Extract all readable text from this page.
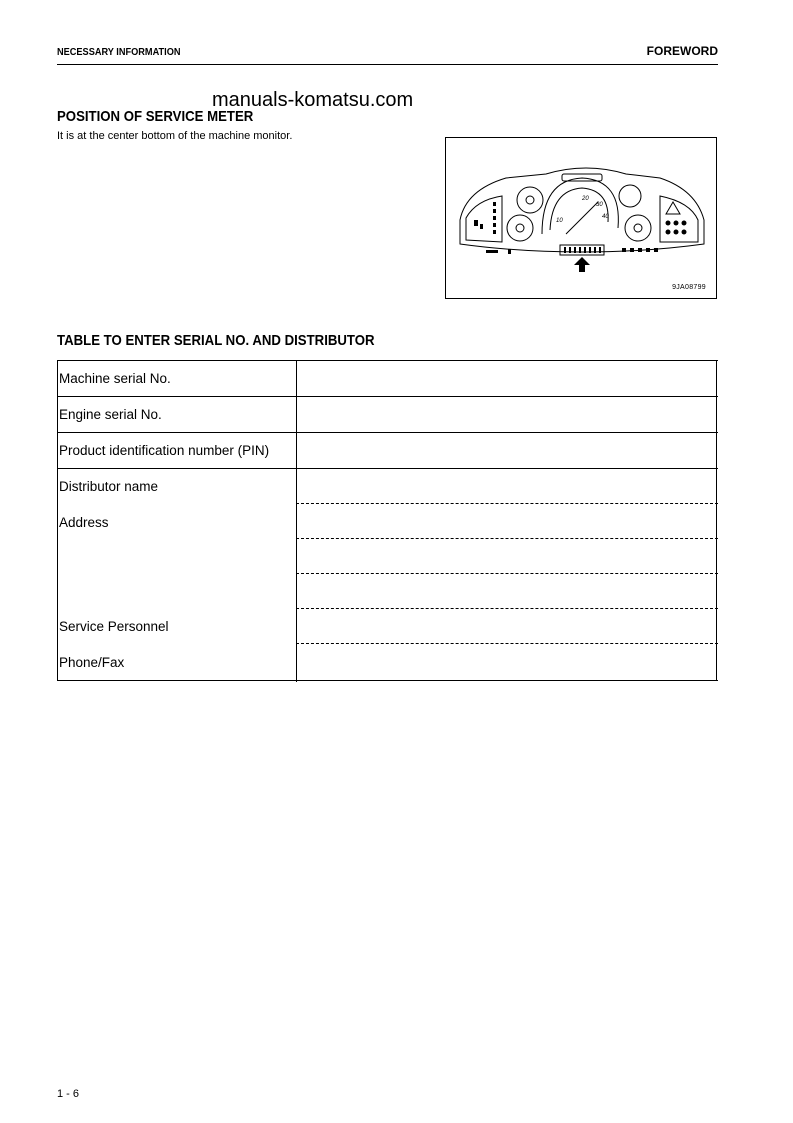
NECESSARY INFORMATION	FOREWORD
POSITION OF SERVICE METER
manuals-komatsu.com
It is at the center bottom of the machine monitor.
20
30
40
10
9JA08799
TABLE TO ENTER SERIAL NO. AND DISTRIBUTOR
Machine serial No.
Engine serial No.
Product identification number (PIN)
Distributor name
Address
Service Personnel
Phone/Fax
1 - 6
